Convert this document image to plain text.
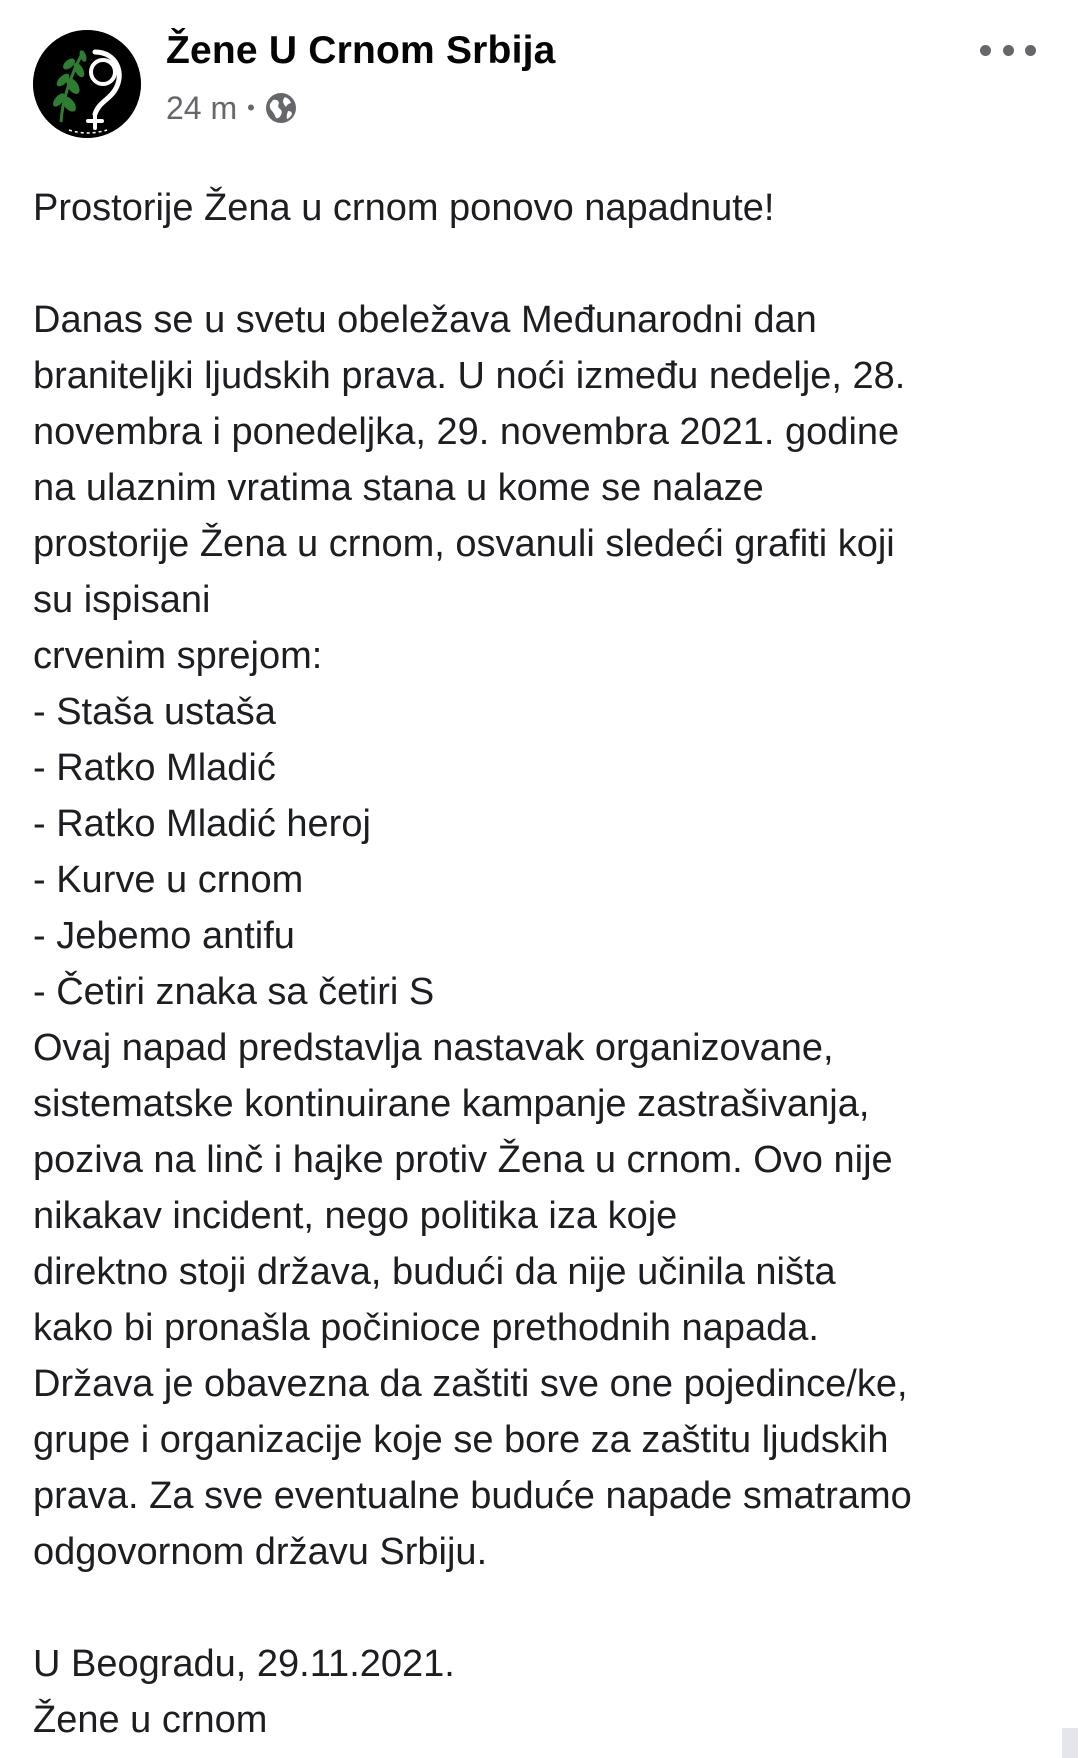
Žene U Crnom Srbija
24 m •

Prostorije Žena u crnom ponovo napadnute!

Danas se u svetu obeležava Međunarodni dan

braniteljki ljudskih prava. U noći između nedelje, 28.

novembra i ponedeljka, 29. novembra 2021. godine

na ulaznim vratima stana u kome se nalaze

prostorije Žena u crnom, osvanuli sledeći grafiti koji

su ispisani

crvenim sprejom:

- Staša ustaša

- Ratko Mladić

- Ratko Mladić heroj

- Kurve u crnom

- Jebemo antifu

- Četiri znaka sa četiri S

Ovaj napad predstavlja nastavak organizovane,

sistematske kontinuirane kampanje zastrašivanja,

poziva na linč i hajke protiv Žena u crnom. Ovo nije

nikakav incident, nego politika iza koje

direktno stoji država, budući da nije učinila ništa

kako bi pronašla počinioce prethodnih napada.

Država je obavezna da zaštiti sve one pojedince/ke,

grupe i organizacije koje se bore za zaštitu ljudskih

prava. Za sve eventualne buduće napade smatramo

odgovornom državu Srbiju.

U Beogradu, 29.11.2021.

Žene u crnom
